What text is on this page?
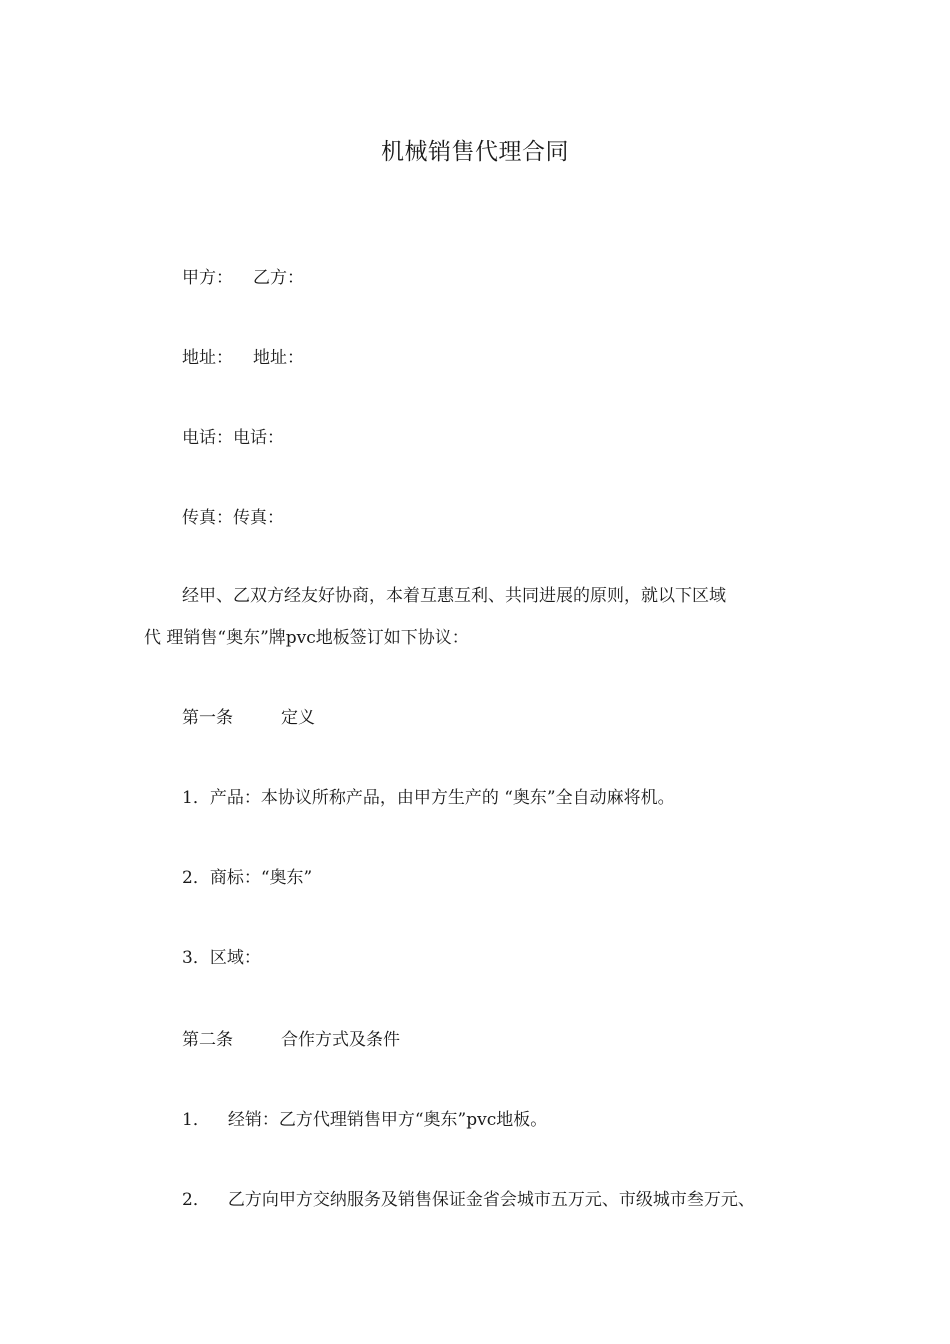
机械销售代理合同
甲方： 乙方：
地址： 地址：
电话：电话：
传真：传真：
经甲、乙双方经友好协商，本着互惠互利、共同进展的原则，就以下区域
代 理销售“奥东”牌pvc地板签订如下协议：
第一条	定义
1．产品：本协议所称产品，由甲方生产的 “奥东”全自动麻将机。
2．商标：“奥东”
3．区域：
第二条	合作方式及条件
1． 经销：乙方代理销售甲方“奥东”pvc地板。
2． 乙方向甲方交纳服务及销售保证金省会城市五万元、市级城市叁万元、
